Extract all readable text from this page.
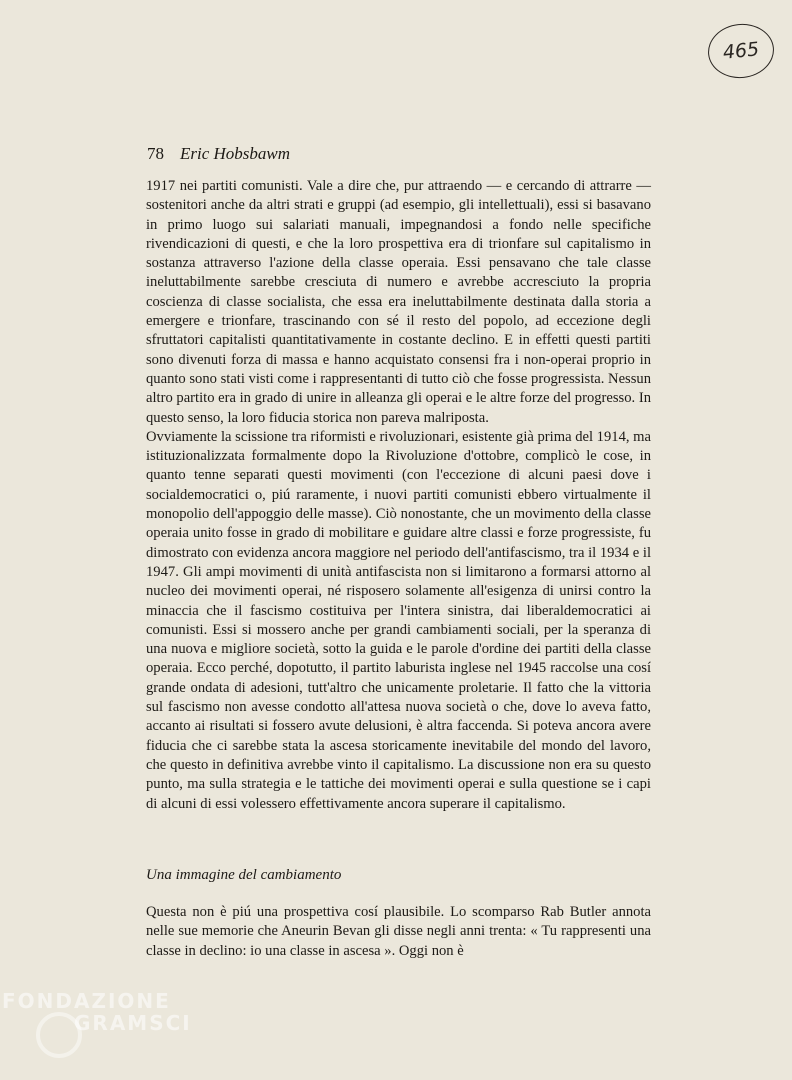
465
78 Eric Hobsbawm

1917 nei partiti comunisti. Vale a dire che, pur attraendo — e cercando di attrarre — sostenitori anche da altri strati e gruppi (ad esempio, gli intellettuali), essi si basavano in primo luogo sui salariati manuali, impegnandosi a fondo nelle specifiche rivendicazioni di questi, e che la loro prospettiva era di trionfare sul capitalismo in sostanza attraverso l'azione della classe operaia. Essi pensavano che tale classe ineluttabilmente sarebbe cresciuta di numero e avrebbe accresciuto la propria coscienza di classe socialista, che essa era ineluttabilmente destinata dalla storia a emergere e trionfare, trascinando con sé il resto del popolo, ad eccezione degli sfruttatori capitalisti quantitativamente in costante declino. E in effetti questi partiti sono divenuti forza di massa e hanno acquistato consensi fra i non-operai proprio in quanto sono stati visti come i rappresentanti di tutto ciò che fosse progressista. Nessun altro partito era in grado di unire in alleanza gli operai e le altre forze del progresso. In questo senso, la loro fiducia storica non pareva malriposta.

Ovviamente la scissione tra riformisti e rivoluzionari, esistente già prima del 1914, ma istituzionalizzata formalmente dopo la Rivoluzione d'ottobre, complicò le cose, in quanto tenne separati questi movimenti (con l'eccezione di alcuni paesi dove i socialdemocratici o, piú raramente, i nuovi partiti comunisti ebbero virtualmente il monopolio dell'appoggio delle masse). Ciò nonostante, che un movimento della classe operaia unito fosse in grado di mobilitare e guidare altre classi e forze progressiste, fu dimostrato con evidenza ancora maggiore nel periodo dell'antifascismo, tra il 1934 e il 1947. Gli ampi movimenti di unità antifascista non si limitarono a formarsi attorno al nucleo dei movimenti operai, né risposero solamente all'esigenza di unirsi contro la minaccia che il fascismo costituiva per l'intera sinistra, dai liberaldemocratici ai comunisti. Essi si mossero anche per grandi cambiamenti sociali, per la speranza di una nuova e migliore società, sotto la guida e le parole d'ordine dei partiti della classe operaia. Ecco perché, dopotutto, il partito laburista inglese nel 1945 raccolse una cosí grande ondata di adesioni, tutt'altro che unicamente proletarie. Il fatto che la vittoria sul fascismo non avesse condotto all'attesa nuova società o che, dove lo aveva fatto, accanto ai risultati si fossero avute delusioni, è altra faccenda. Si poteva ancora avere fiducia che ci sarebbe stata la ascesa storicamente inevitabile del mondo del lavoro, che questo in definitiva avrebbe vinto il capitalismo. La discussione non era su questo punto, ma sulla strategia e le tattiche dei movimenti operai e sulla questione se i capi di alcuni di essi volessero effettivamente ancora superare il capitalismo.

Una immagine del cambiamento

Questa non è piú una prospettiva cosí plausibile. Lo scomparso Rab Butler annota nelle sue memorie che Aneurin Bevan gli disse negli anni trenta: « Tu rappresenti una classe in declino: io una classe in ascesa ». Oggi non è

FONDAZIONE
GRAMSCI
